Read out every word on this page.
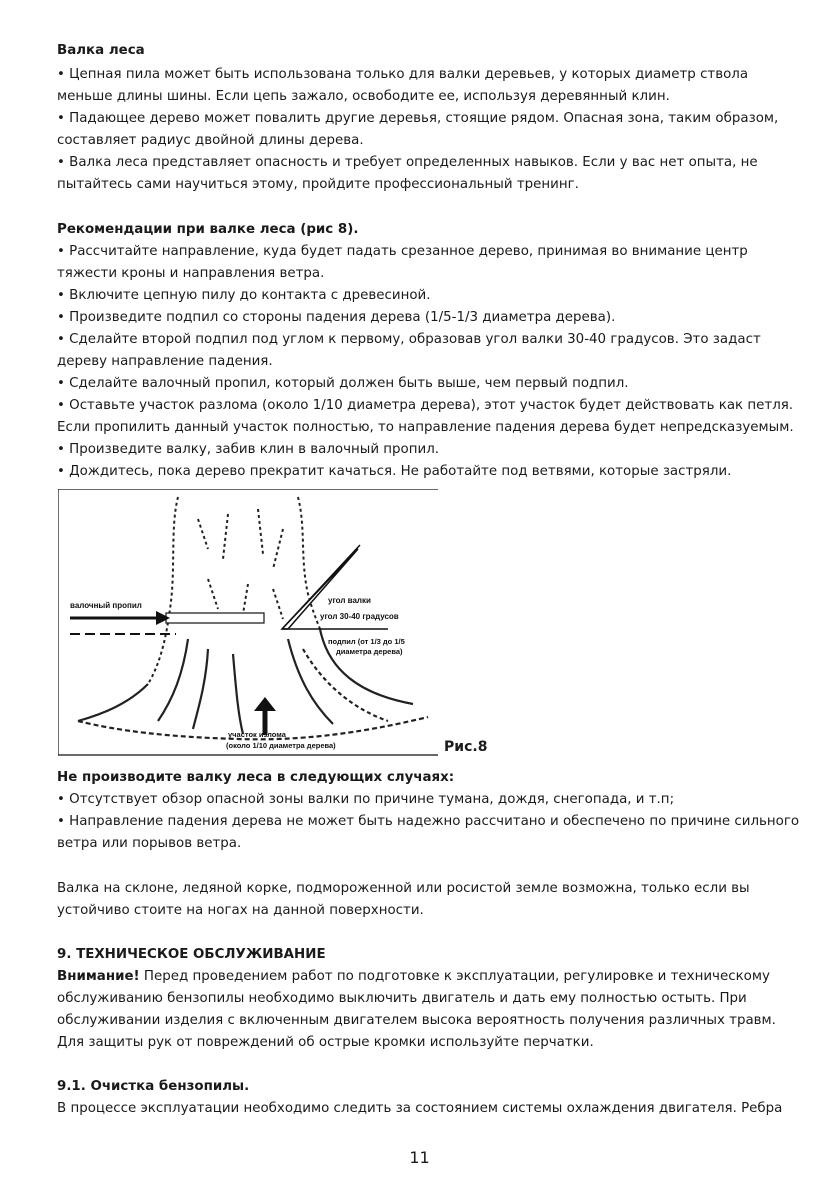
Валка леса
• Цепная пила может быть использована только для валки деревьев, у которых диаметр ствола
меньше длины шины. Если цепь зажало, освободите ее, используя деревянный клин.
• Падающее дерево может повалить другие деревья, стоящие рядом. Опасная зона, таким образом,
составляет радиус двойной длины дерева.
• Валка леса представляет опасность и требует определенных навыков. Если у вас нет опыта, не
пытайтесь сами научиться этому, пройдите профессиональный тренинг.
Рекомендации при валке леса (рис 8).
• Рассчитайте направление, куда будет падать срезанное дерево, принимая во внимание центр
тяжести кроны и направления ветра.
• Включите цепную пилу до контакта с древесиной.
• Произведите подпил со стороны падения дерева (1/5-1/3 диаметра дерева).
• Сделайте второй подпил под углом к первому, образовав угол валки 30-40 градусов. Это задаст
дереву направление падения.
• Сделайте валочный пропил, который должен быть выше, чем первый подпил.
• Оставьте участок разлома (около 1/10 диаметра дерева), этот участок будет действовать как петля.
Если пропилить данный участок полностью, то направление падения дерева будет непредсказуемым.
• Произведите валку, забив клин в валочный пропил.
• Дождитесь, пока дерево прекратит качаться. Не работайте под ветвями, которые застряли.
валочный пропил
угол валки
угол 30-40 градусов
подпил (от 1/3 до 1/5
диаметра дерева)
участок излома
(около 1/10 диаметра дерева)	Рис.8
Не производите валку леса в следующих случаях:
• Отсутствует обзор опасной зоны валки по причине тумана, дождя, снегопада, и т.п;
• Направление падения дерева не может быть надежно рассчитано и обеспечено по причине сильного
ветра или порывов ветра.
Валка на склоне, ледяной корке, подмороженной или росистой земле возможна, только если вы
устойчиво стоите на ногах на данной поверхности.
9. ТЕХНИЧЕСКОЕ ОБСЛУЖИВАНИЕ
Внимание! Перед проведением работ по подготовке к эксплуатации, регулировке и техническому
обслуживанию бензопилы необходимо выключить двигатель и дать ему полностью остыть. При
обслуживании изделия с включенным двигателем высока вероятность получения различных травм.
Для защиты рук от повреждений об острые кромки используйте перчатки.
9.1. Очистка бензопилы.
В процессе эксплуатации необходимо следить за состоянием системы охлаждения двигателя. Ребра
11
